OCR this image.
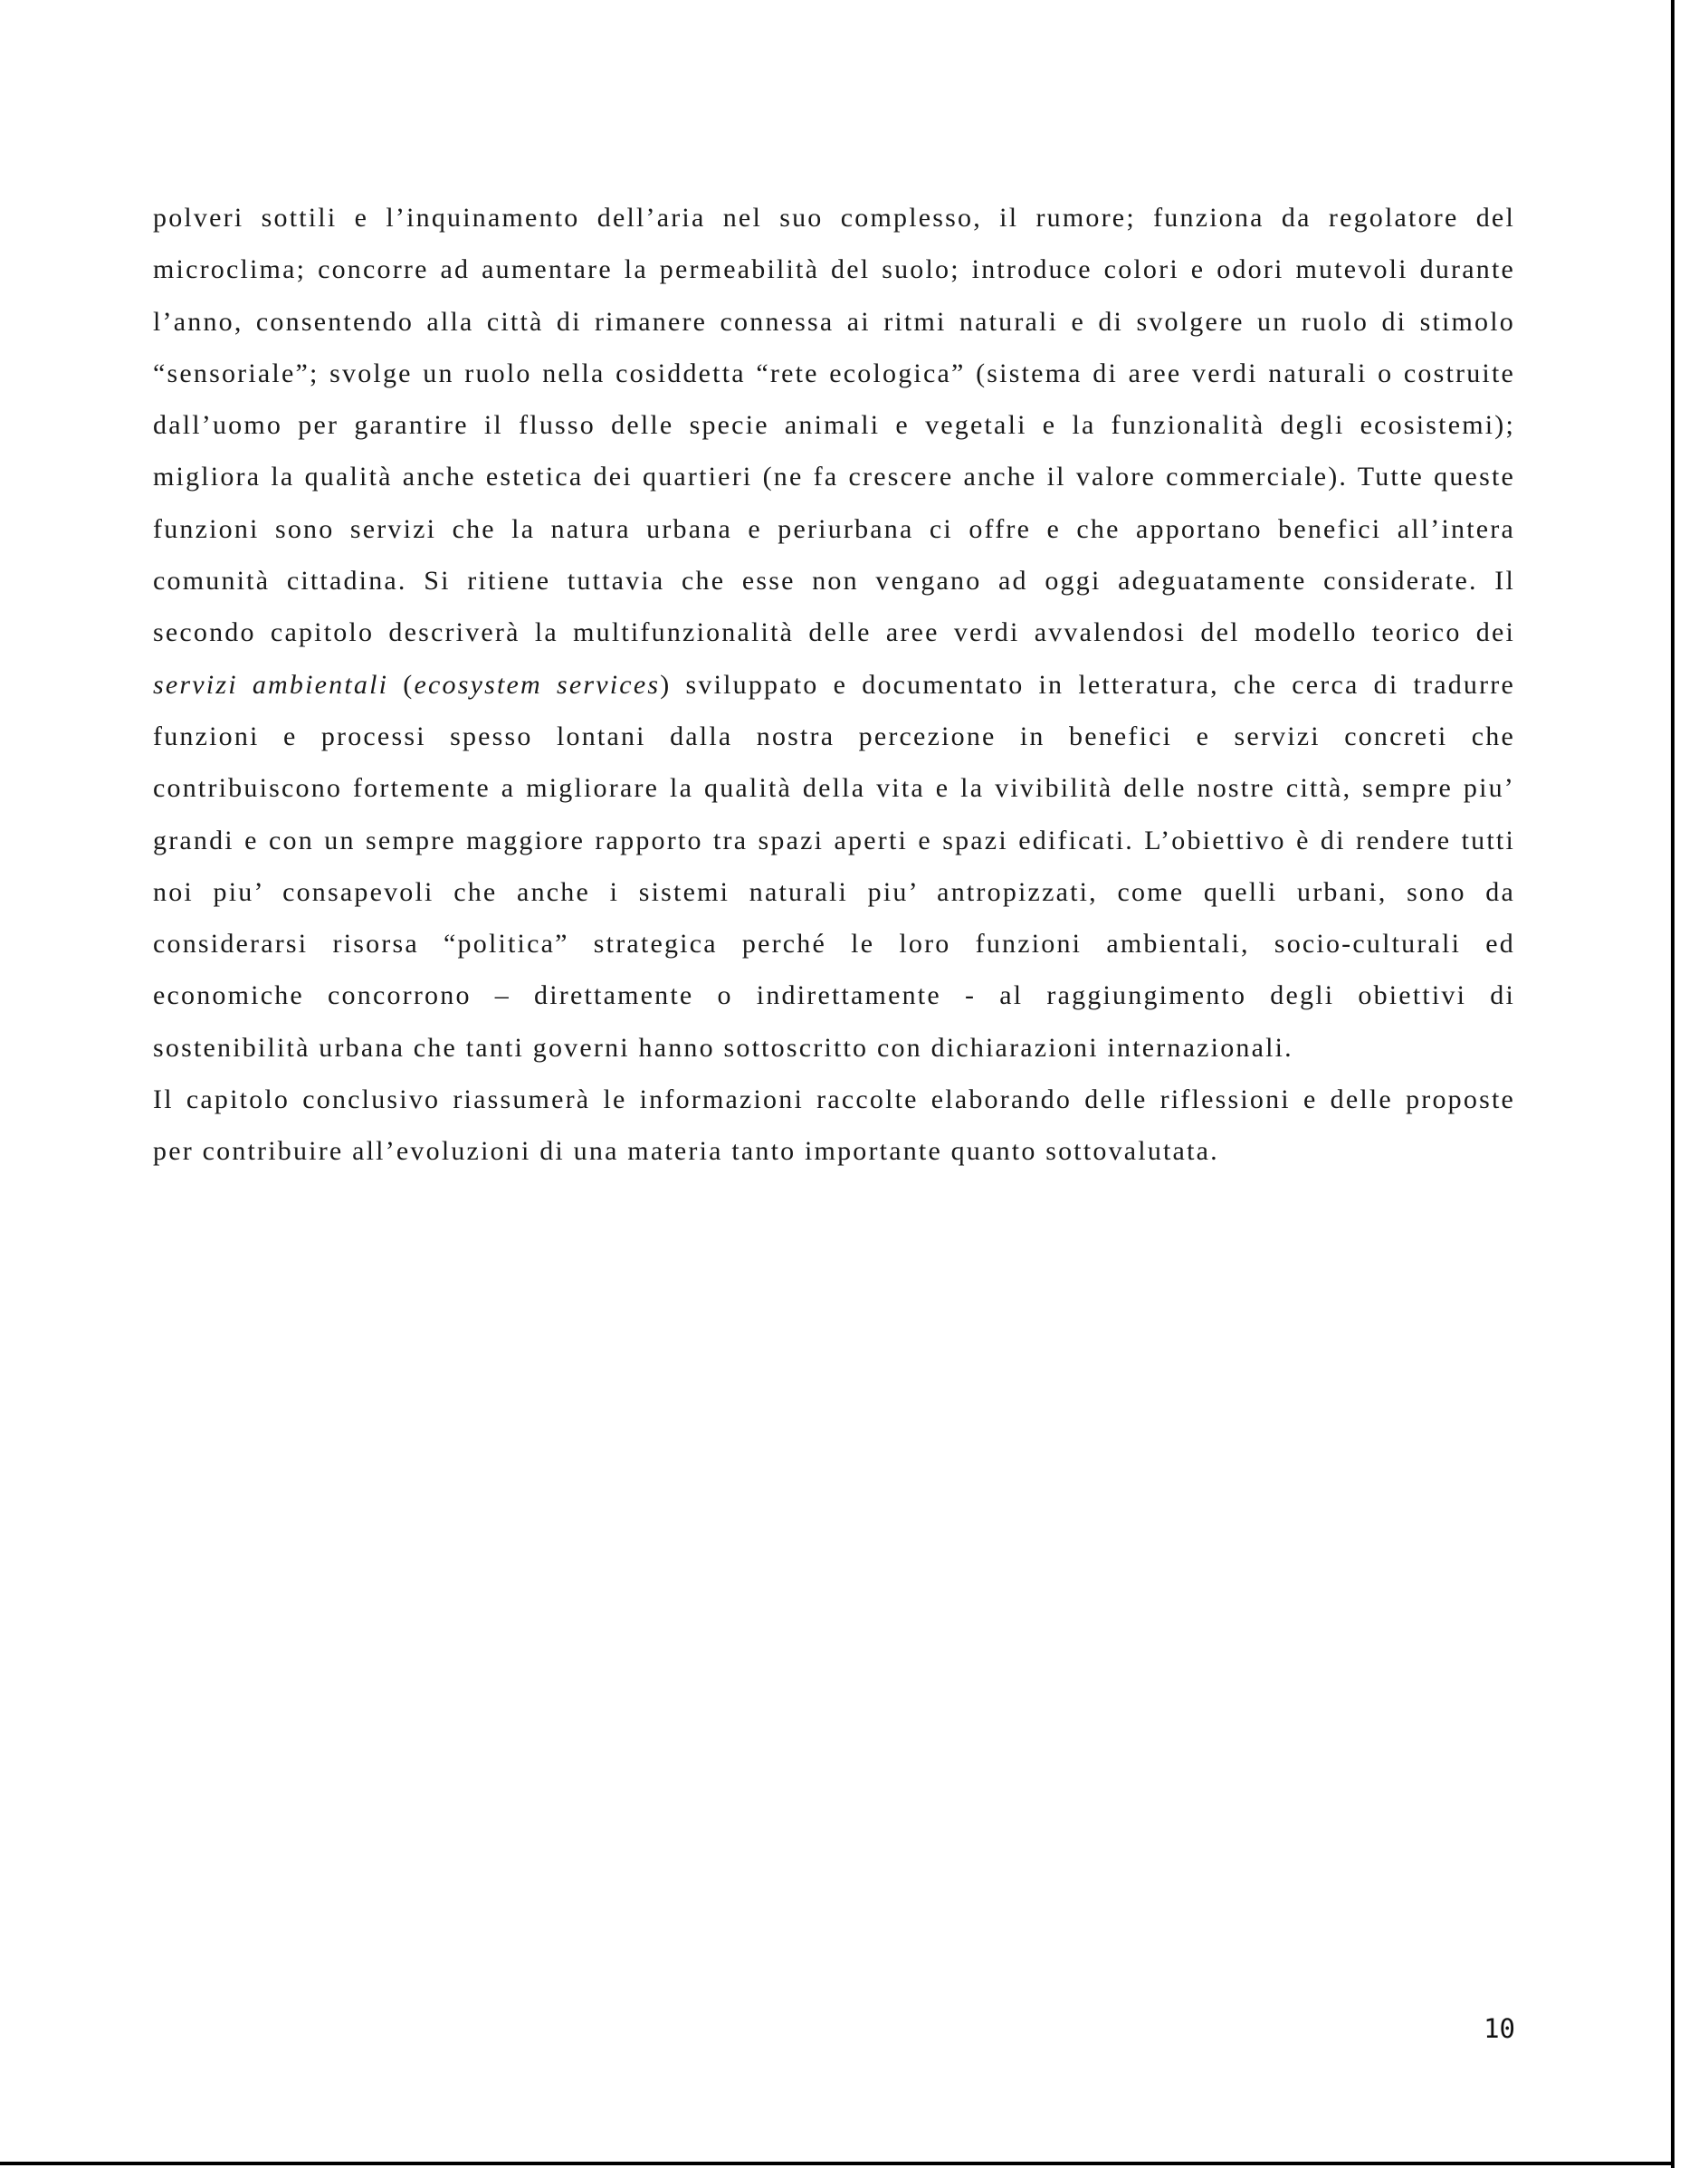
polveri sottili e l’inquinamento dell’aria nel suo complesso, il rumore; funziona da regolatore del microclima; concorre ad aumentare la permeabilità del suolo; introduce colori e odori mutevoli durante l’anno, consentendo alla città di rimanere connessa ai ritmi naturali e di svolgere un ruolo di stimolo “sensoriale”; svolge un ruolo nella cosiddetta “rete ecologica” (sistema di aree verdi naturali o costruite dall’uomo per garantire il flusso delle specie animali e vegetali e la funzionalità degli ecosistemi); migliora la qualità anche estetica dei quartieri (ne fa crescere anche il valore commerciale). Tutte queste funzioni sono servizi che la natura urbana e periurbana ci offre e che apportano benefici all’intera comunità cittadina. Si ritiene tuttavia che esse non vengano ad oggi adeguatamente considerate. Il secondo capitolo descriverà la multifunzionalità delle aree verdi avvalendosi del modello teorico dei servizi ambientali (ecosystem services) sviluppato e documentato in letteratura, che cerca di tradurre funzioni e processi spesso lontani dalla nostra percezione in benefici e servizi concreti che contribuiscono fortemente a migliorare la qualità della vita e la vivibilità delle nostre città, sempre piu’ grandi e con un sempre maggiore rapporto tra spazi aperti e spazi edificati. L’obiettivo è di rendere tutti noi piu’ consapevoli che anche i sistemi naturali piu’ antropizzati, come quelli urbani, sono da considerarsi risorsa “politica” strategica perché le loro funzioni ambientali, socio-culturali ed economiche concorrono – direttamente o indirettamente - al raggiungimento degli obiettivi di sostenibilità urbana che tanti governi hanno sottoscritto con dichiarazioni internazionali.

Il capitolo conclusivo riassumerà le informazioni raccolte elaborando delle riflessioni e delle proposte per contribuire all’evoluzioni di una materia tanto importante quanto sottovalutata.

10
